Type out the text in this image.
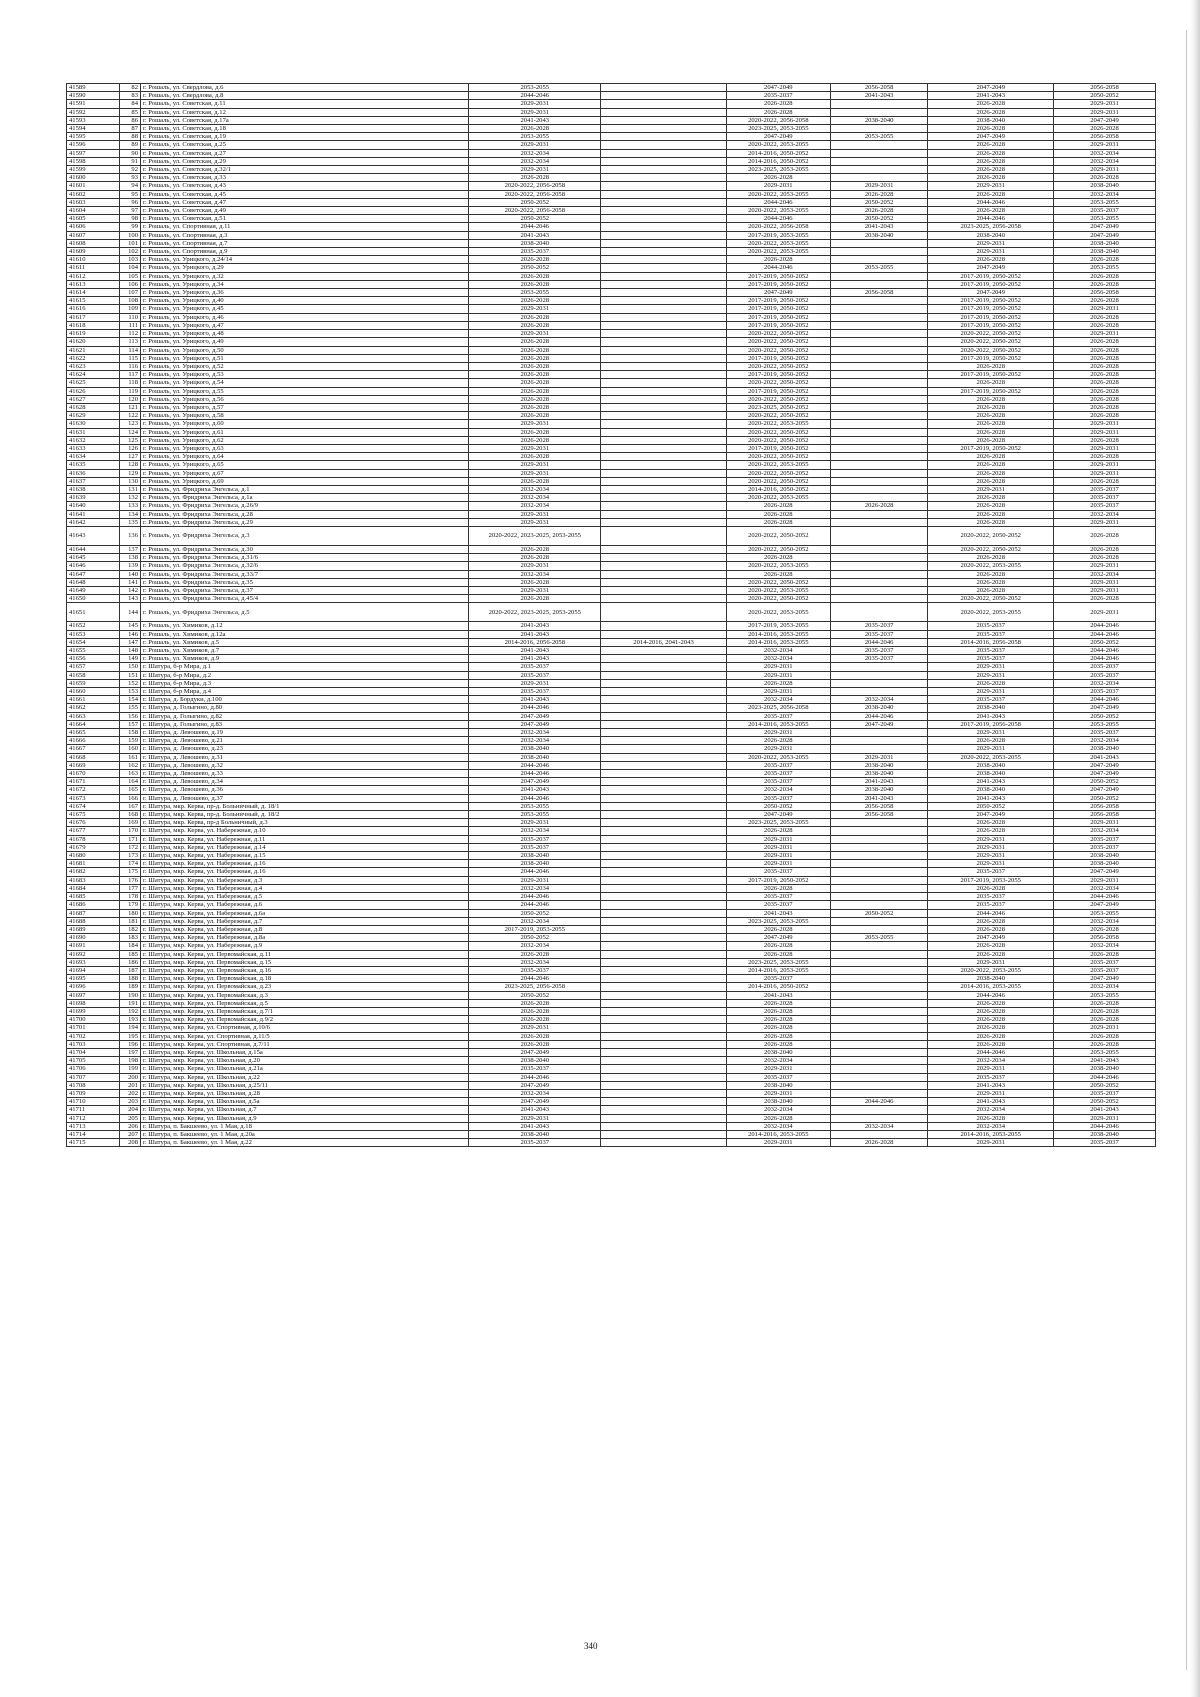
41589	82	г. Рошаль, ул. Свердлова, д.6	2053-2055		2047-2049	2056-2058	2047-2049	2056-2058
41590	83	г. Рошаль, ул. Свердлова, д.8	2044-2046		2035-2037	2041-2043	2041-2043	2050-2052
41591	84	г. Рошаль, ул. Советская, д.11	2029-2031		2026-2028		2026-2028	2029-2031
41592	85	г. Рошаль, ул. Советская, д.12	2029-2031		2026-2028		2026-2028	2029-2031
41593	86	г. Рошаль, ул. Советская, д.17а	2041-2043		2020-2022, 2056-2058	2038-2040	2038-2040	2047-2049
41594	87	г. Рошаль, ул. Советская, д.18	2026-2028		2023-2025, 2053-2055		2026-2028	2026-2028
41595	88	г. Рошаль, ул. Советская, д.19	2053-2055		2047-2049	2053-2055	2047-2049	2056-2058
41596	89	г. Рошаль, ул. Советская, д.25	2029-2031		2020-2022, 2053-2055		2026-2028	2029-2031
41597	90	г. Рошаль, ул. Советская, д.27	2032-2034		2014-2016, 2050-2052		2026-2028	2032-2034
41598	91	г. Рошаль, ул. Советская, д.29	2032-2034		2014-2016, 2050-2052		2026-2028	2032-2034
41599	92	г. Рошаль, ул. Советская, д.32/1	2029-2031		2023-2025, 2053-2055		2026-2028	2029-2031
41600	93	г. Рошаль, ул. Советская, д.33	2026-2028		2026-2028		2026-2028	2026-2028
41601	94	г. Рошаль, ул. Советская, д.43	2020-2022, 2056-2058		2029-2031	2029-2031	2029-2031	2038-2040
41602	95	г. Рошаль, ул. Советская, д.45	2020-2022, 2056-2058		2020-2022, 2053-2055	2026-2028	2026-2028	2032-2034
41603	96	г. Рошаль, ул. Советская, д.47	2050-2052		2044-2046	2050-2052	2044-2046	2053-2055
41604	97	г. Рошаль, ул. Советская, д.49	2020-2022, 2056-2058		2020-2022, 2053-2055	2026-2028	2026-2028	2035-2037
41605	98	г. Рошаль, ул. Советская, д.51	2050-2052		2044-2046	2050-2052	2044-2046	2053-2055
41606	99	г. Рошаль, ул. Спортивная, д.11	2044-2046		2020-2022, 2056-2058	2041-2043	2023-2025, 2056-2058	2047-2049
41607	100	г. Рошаль, ул. Спортивная, д.3	2041-2043		2017-2019, 2053-2055	2038-2040	2038-2040	2047-2049
41608	101	г. Рошаль, ул. Спортивная, д.7	2038-2040		2020-2022, 2053-2055		2029-2031	2038-2040
41609	102	г. Рошаль, ул. Спортивная, д.9	2035-2037		2020-2022, 2053-2055		2029-2031	2038-2040
41610	103	г. Рошаль, ул. Урицкого, д.24/14	2026-2028		2026-2028		2026-2028	2026-2028
41611	104	г. Рошаль, ул. Урицкого, д.29	2050-2052		2044-2046	2053-2055	2047-2049	2053-2055
41612	105	г. Рошаль, ул. Урицкого, д.32	2026-2028		2017-2019, 2050-2052		2017-2019, 2050-2052	2026-2028
41613	106	г. Рошаль, ул. Урицкого, д.34	2026-2028		2017-2019, 2050-2052		2017-2019, 2050-2052	2026-2028
41614	107	г. Рошаль, ул. Урицкого, д.36	2053-2055		2047-2049	2056-2058	2047-2049	2056-2058
41615	108	г. Рошаль, ул. Урицкого, д.40	2026-2028		2017-2019, 2050-2052		2017-2019, 2050-2052	2026-2028
41616	109	г. Рошаль, ул. Урицкого, д.45	2029-2031		2017-2019, 2050-2052		2017-2019, 2050-2052	2029-2031
41617	110	г. Рошаль, ул. Урицкого, д.46	2026-2028		2017-2019, 2050-2052		2017-2019, 2050-2052	2026-2028
41618	111	г. Рошаль, ул. Урицкого, д.47	2026-2028		2017-2019, 2050-2052		2017-2019, 2050-2052	2026-2028
41619	112	г. Рошаль, ул. Урицкого, д.48	2029-2031		2020-2022, 2050-2052		2020-2022, 2050-2052	2029-2031
41620	113	г. Рошаль, ул. Урицкого, д.49	2026-2028		2020-2022, 2050-2052		2020-2022, 2050-2052	2026-2028
41621	114	г. Рошаль, ул. Урицкого, д.50	2026-2028		2020-2022, 2050-2052		2020-2022, 2050-2052	2026-2028
41622	115	г. Рошаль, ул. Урицкого, д.51	2026-2028		2017-2019, 2050-2052		2017-2019, 2050-2052	2026-2028
41623	116	г. Рошаль, ул. Урицкого, д.52	2026-2028		2020-2022, 2050-2052		2026-2028	2026-2028
41624	117	г. Рошаль, ул. Урицкого, д.53	2026-2028		2017-2019, 2050-2052		2017-2019, 2050-2052	2026-2028
41625	118	г. Рошаль, ул. Урицкого, д.54	2026-2028		2020-2022, 2050-2052		2026-2028	2026-2028
41626	119	г. Рошаль, ул. Урицкого, д.55	2026-2028		2017-2019, 2050-2052		2017-2019, 2050-2052	2026-2028
41627	120	г. Рошаль, ул. Урицкого, д.56	2026-2028		2020-2022, 2050-2052		2026-2028	2026-2028
41628	121	г. Рошаль, ул. Урицкого, д.57	2026-2028		2023-2025, 2050-2052		2026-2028	2026-2028
41629	122	г. Рошаль, ул. Урицкого, д.58	2026-2028		2020-2022, 2050-2052		2026-2028	2026-2028
41630	123	г. Рошаль, ул. Урицкого, д.60	2029-2031		2020-2022, 2053-2055		2026-2028	2029-2031
41631	124	г. Рошаль, ул. Урицкого, д.61	2026-2028		2020-2022, 2050-2052		2026-2028	2029-2031
41632	125	г. Рошаль, ул. Урицкого, д.62	2026-2028		2020-2022, 2050-2052		2026-2028	2026-2028
41633	126	г. Рошаль, ул. Урицкого, д.63	2029-2031		2017-2019, 2050-2052		2017-2019, 2050-2052	2029-2031
41634	127	г. Рошаль, ул. Урицкого, д.64	2026-2028		2020-2022, 2050-2052		2026-2028	2026-2028
41635	128	г. Рошаль, ул. Урицкого, д.65	2029-2031		2020-2022, 2053-2055		2026-2028	2029-2031
41636	129	г. Рошаль, ул. Урицкого, д.67	2029-2031		2020-2022, 2050-2052		2026-2028	2029-2031
41637	130	г. Рошаль, ул. Урицкого, д.69	2026-2028		2020-2022, 2050-2052		2026-2028	2026-2028
41638	131	г. Рошаль, ул. Фридриха Энгельса, д.1	2032-2034		2014-2016, 2050-2052		2029-2031	2035-2037
41639	132	г. Рошаль, ул. Фридриха Энгельса, д.1а	2032-2034		2020-2022, 2053-2055		2026-2028	2035-2037
41640	133	г. Рошаль, ул. Фридриха Энгельса, д.26/9	2032-2034		2026-2028	2026-2028	2026-2028	2035-2037
41641	134	г. Рошаль, ул. Фридриха Энгельса, д.28	2029-2031		2026-2028		2026-2028	2032-2034
41642	135	г. Рошаль, ул. Фридриха Энгельса, д.29	2029-2031		2026-2028		2026-2028	2029-2031
41643	136	г. Рошаль, ул. Фридриха Энгельса, д.3	2020-2022, 2023-2025, 2053-2055		2020-2022, 2050-2052		2020-2022, 2050-2052	2026-2028
41644	137	г. Рошаль, ул. Фридриха Энгельса, д.30	2026-2028		2020-2022, 2050-2052		2020-2022, 2050-2052	2026-2028
41645	138	г. Рошаль, ул. Фридриха Энгельса, д.31/6	2026-2028		2026-2028		2026-2028	2026-2028
41646	139	г. Рошаль, ул. Фридриха Энгельса, д.32/6	2029-2031		2020-2022, 2053-2055		2020-2022, 2053-2055	2029-2031
41647	140	г. Рошаль, ул. Фридриха Энгельса, д.33/7	2032-2034		2026-2028		2026-2028	2032-2034
41648	141	г. Рошаль, ул. Фридриха Энгельса, д.35	2026-2028		2020-2022, 2050-2052		2026-2028	2029-2031
41649	142	г. Рошаль, ул. Фридриха Энгельса, д.37	2029-2031		2020-2022, 2053-2055		2026-2028	2029-2031
41650	143	г. Рошаль, ул. Фридриха Энгельса, д.45/4	2026-2028		2020-2022, 2050-2052		2020-2022, 2050-2052	2026-2028
41651	144	г. Рошаль, ул. Фридриха Энгельса, д.5	2020-2022, 2023-2025, 2053-2055		2020-2022, 2053-2055		2020-2022, 2053-2055	2029-2031
41652	145	г. Рошаль, ул. Химиков, д.12	2041-2043		2017-2019, 2053-2055	2035-2037	2035-2037	2044-2046
41653	146	г. Рошаль, ул. Химиков, д.12а	2041-2043		2014-2016, 2053-2055	2035-2037	2035-2037	2044-2046
41654	147	г. Рошаль, ул. Химиков, д.5	2014-2016, 2056-2058	2014-2016, 2041-2043	2014-2016, 2053-2055	2044-2046	2014-2016, 2056-2058	2050-2052
41655	148	г. Рошаль, ул. Химиков, д.7	2041-2043		2032-2034	2035-2037	2035-2037	2044-2046
41656	149	г. Рошаль, ул. Химиков, д.9	2041-2043		2032-2034	2035-2037	2035-2037	2044-2046
41657	150	г. Шатура, б-р Мира, д.1	2035-2037		2029-2031		2029-2031	2035-2037
41658	151	г. Шатура, б-р Мира, д.2	2035-2037		2029-2031		2029-2031	2035-2037
41659	152	г. Шатура, б-р Мира, д.3	2029-2031		2026-2028		2026-2028	2032-2034
41660	153	г. Шатура, б-р Мира, д.4	2035-2037		2029-2031		2029-2031	2035-2037
41661	154	г. Шатура, д. Бордуки, д.100	2041-2043		2032-2034	2032-2034	2035-2037	2044-2046
41662	155	г. Шатура, д. Голыгино, д.80	2044-2046		2023-2025, 2056-2058	2038-2040	2038-2040	2047-2049
41663	156	г. Шатура, д. Голыгино, д.82	2047-2049		2035-2037	2044-2046	2041-2043	2050-2052
41664	157	г. Шатура, д. Голыгино, д.83	2047-2049		2014-2016, 2053-2055	2047-2049	2017-2019, 2056-2058	2053-2055
41665	158	г. Шатура, д. Левошево, д.19	2032-2034		2029-2031		2029-2031	2035-2037
41666	159	г. Шатура, д. Левошево, д.21	2032-2034		2026-2028		2026-2028	2032-2034
41667	160	г. Шатура, д. Левошево, д.23	2038-2040		2029-2031		2029-2031	2038-2040
41668	161	г. Шатура, д. Левошево, д.31	2038-2040		2020-2022, 2053-2055	2029-2031	2020-2022, 2053-2055	2041-2043
41669	162	г. Шатура, д. Левошево, д.32	2044-2046		2035-2037	2038-2040	2038-2040	2047-2049
41670	163	г. Шатура, д. Левошево, д.33	2044-2046		2035-2037	2038-2040	2038-2040	2047-2049
41671	164	г. Шатура, д. Левошево, д.34	2047-2049		2035-2037	2041-2043	2041-2043	2050-2052
41672	165	г. Шатура, д. Левошево, д.36	2041-2043		2032-2034	2038-2040	2038-2040	2047-2049
41673	166	г. Шатура, д. Левошево, д.37	2044-2046		2035-2037	2041-2043	2041-2043	2050-2052
41674	167	г. Шатура, мкр. Керва, пр-д. Больничный, д. 18/1	2053-2055		2050-2052	2056-2058	2050-2052	2056-2058
41675	168	г. Шатура, мкр. Керва, пр-д. Больничный, д. 18/2	2053-2055		2047-2049	2056-2058	2047-2049	2056-2058
41676	169	г. Шатура, мкр. Керва, пр-д Больничный, д.3	2029-2031		2023-2025, 2053-2055		2026-2028	2029-2031
41677	170	г. Шатура, мкр. Керва, ул. Набережная, д.10	2032-2034		2026-2028		2026-2028	2032-2034
41678	171	г. Шатура, мкр. Керва, ул. Набережная, д.11	2035-2037		2029-2031		2029-2031	2035-2037
41679	172	г. Шатура, мкр. Керва, ул. Набережная, д.14	2035-2037		2029-2031		2029-2031	2035-2037
41680	173	г. Шатура, мкр. Керва, ул. Набережная, д.15	2038-2040		2029-2031		2029-2031	2038-2040
41681	174	г. Шатура, мкр. Керва, ул. Набережная, д.16	2038-2040		2029-2031		2029-2031	2038-2040
41682	175	г. Шатура, мкр. Керва, ул. Набережная, д.16	2044-2046		2035-2037		2035-2037	2047-2049
41683	176	г. Шатура, мкр. Керва, ул. Набережная, д.3	2029-2031		2017-2019, 2050-2052		2017-2019, 2053-2055	2029-2031
41684	177	г. Шатура, мкр. Керва, ул. Набережная, д.4	2032-2034		2026-2028		2026-2028	2032-2034
41685	178	г. Шатура, мкр. Керва, ул. Набережная, д.5	2044-2046		2035-2037		2035-2037	2044-2046
41686	179	г. Шатура, мкр. Керва, ул. Набережная, д.6	2044-2046		2035-2037		2035-2037	2047-2049
41687	180	г. Шатура, мкр. Керва, ул. Набережная, д.6а	2050-2052		2041-2043	2050-2052	2044-2046	2053-2055
41688	181	г. Шатура, мкр. Керва, ул. Набережная, д.7	2032-2034		2023-2025, 2053-2055		2026-2028	2032-2034
41689	182	г. Шатура, мкр. Керва, ул. Набережная, д.8	2017-2019, 2053-2055		2026-2028		2026-2028	2026-2028
41690	183	г. Шатура, мкр. Керва, ул. Набережная, д.8а	2050-2052		2047-2049	2053-2055	2047-2049	2056-2058
41691	184	г. Шатура, мкр. Керва, ул. Набережная, д.9	2032-2034		2026-2028		2026-2028	2032-2034
41692	185	г. Шатура, мкр. Керва, ул. Первомайская, д.11	2026-2028		2026-2028		2026-2028	2026-2028
41693	186	г. Шатура, мкр. Керва, ул. Первомайская, д.15	2032-2034		2023-2025, 2053-2055		2029-2031	2035-2037
41694	187	г. Шатура, мкр. Керва, ул. Первомайская, д.16	2035-2037		2014-2016, 2053-2055		2020-2022, 2053-2055	2035-2037
41695	188	г. Шатура, мкр. Керва, ул. Первомайская, д.18	2044-2046		2035-2037		2038-2040	2047-2049
41696	189	г. Шатура, мкр. Керва, ул. Первомайская, д.23	2023-2025, 2056-2058		2014-2016, 2050-2052		2014-2016, 2053-2055	2032-2034
41697	190	г. Шатура, мкр. Керва, ул. Первомайская, д.3	2050-2052		2041-2043		2044-2046	2053-2055
41698	191	г. Шатура, мкр. Керва, ул. Первомайская, д.5	2026-2028		2026-2028		2026-2028	2026-2028
41699	192	г. Шатура, мкр. Керва, ул. Первомайская, д.7/1	2026-2028		2026-2028		2026-2028	2026-2028
41700	193	г. Шатура, мкр. Керва, ул. Первомайская, д.9/2	2026-2028		2026-2028		2026-2028	2026-2028
41701	194	г. Шатура, мкр. Керва, ул. Спортивная, д.10/6	2029-2031		2026-2028		2026-2028	2029-2031
41702	195	г. Шатура, мкр. Керва, ул. Спортивная, д.11/5	2026-2028		2026-2028		2026-2028	2026-2028
41703	196	г. Шатура, мкр. Керва, ул. Спортивная, д.7/11	2026-2028		2026-2028		2026-2028	2026-2028
41704	197	г. Шатура, мкр. Керва, ул. Школьная, д.15а	2047-2049		2038-2040		2044-2046	2053-2055
41705	198	г. Шатура, мкр. Керва, ул. Школьная, д.20	2038-2040		2032-2034		2032-2034	2041-2043
41706	199	г. Шатура, мкр. Керва, ул. Школьная, д.21а	2035-2037		2029-2031		2029-2031	2038-2040
41707	200	г. Шатура, мкр. Керва, ул. Школьная, д.22	2044-2046		2035-2037		2035-2037	2044-2046
41708	201	г. Шатура, мкр. Керва, ул. Школьная, д.25/11	2047-2049		2038-2040		2041-2043	2050-2052
41709	202	г. Шатура, мкр. Керва, ул. Школьная, д.28	2032-2034		2029-2031		2029-2031	2035-2037
41710	203	г. Шатура, мкр. Керва, ул. Школьная, д.5а	2047-2049		2038-2040	2044-2046	2041-2043	2050-2052
41711	204	г. Шатура, мкр. Керва, ул. Школьная, д.7	2041-2043		2032-2034		2032-2034	2041-2043
41712	205	г. Шатура, мкр. Керва, ул. Школьная, д.9	2029-2031		2026-2028		2026-2028	2029-2031
41713	206	г. Шатура, п. Бакшеево, ул. 1 Мая, д.18	2041-2043		2032-2034	2032-2034	2032-2034	2044-2046
41714	207	г. Шатура, п. Бакшеево, ул. 1 Мая, д.20а	2038-2040		2014-2016, 2053-2055		2014-2016, 2053-2055	2038-2040
41715	208	г. Шатура, п. Бакшеево, ул. 1 Мая, д.22	2035-2037		2029-2031	2026-2028	2029-2031	2035-2037
340
